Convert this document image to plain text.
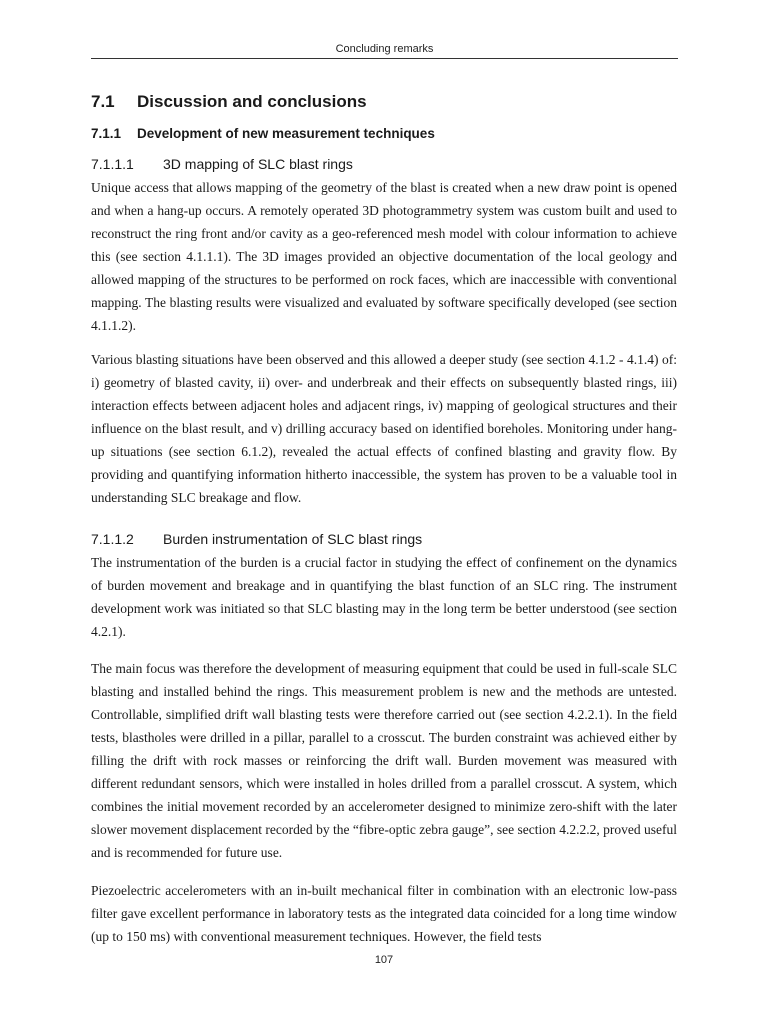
Concluding remarks
7.1 Discussion and conclusions
7.1.1 Development of new measurement techniques
7.1.1.1 3D mapping of SLC blast rings

Unique access that allows mapping of the geometry of the blast is created when a new draw point is opened and when a hang-up occurs. A remotely operated 3D photogrammetry system was custom built and used to reconstruct the ring front and/or cavity as a geo-referenced mesh model with colour information to achieve this (see section 4.1.1.1). The 3D images provided an objective documentation of the local geology and allowed mapping of the structures to be performed on rock faces, which are inaccessible with conventional mapping. The blasting results were visualized and evaluated by software specifically developed (see section 4.1.1.2).

Various blasting situations have been observed and this allowed a deeper study (see section 4.1.2 - 4.1.4) of: i) geometry of blasted cavity, ii) over- and underbreak and their effects on subsequently blasted rings, iii) interaction effects between adjacent holes and adjacent rings, iv) mapping of geological structures and their influence on the blast result, and v) drilling accuracy based on identified boreholes. Monitoring under hang-up situations (see section 6.1.2), revealed the actual effects of confined blasting and gravity flow. By providing and quantifying information hitherto inaccessible, the system has proven to be a valuable tool in understanding SLC breakage and flow.

7.1.1.2 Burden instrumentation of SLC blast rings

The instrumentation of the burden is a crucial factor in studying the effect of confinement on the dynamics of burden movement and breakage and in quantifying the blast function of an SLC ring. The instrument development work was initiated so that SLC blasting may in the long term be better understood (see section 4.2.1).

The main focus was therefore the development of measuring equipment that could be used in full-scale SLC blasting and installed behind the rings. This measurement problem is new and the methods are untested. Controllable, simplified drift wall blasting tests were therefore carried out (see section 4.2.2.1). In the field tests, blastholes were drilled in a pillar, parallel to a crosscut. The burden constraint was achieved either by filling the drift with rock masses or reinforcing the drift wall. Burden movement was measured with different redundant sensors, which were installed in holes drilled from a parallel crosscut. A system, which combines the initial movement recorded by an accelerometer designed to minimize zero-shift with the later slower movement displacement recorded by the “fibre-optic zebra gauge”, see section 4.2.2.2, proved useful and is recommended for future use.

Piezoelectric accelerometers with an in-built mechanical filter in combination with an electronic low-pass filter gave excellent performance in laboratory tests as the integrated data coincided for a long time window (up to 150 ms) with conventional measurement techniques. However, the field tests

107
